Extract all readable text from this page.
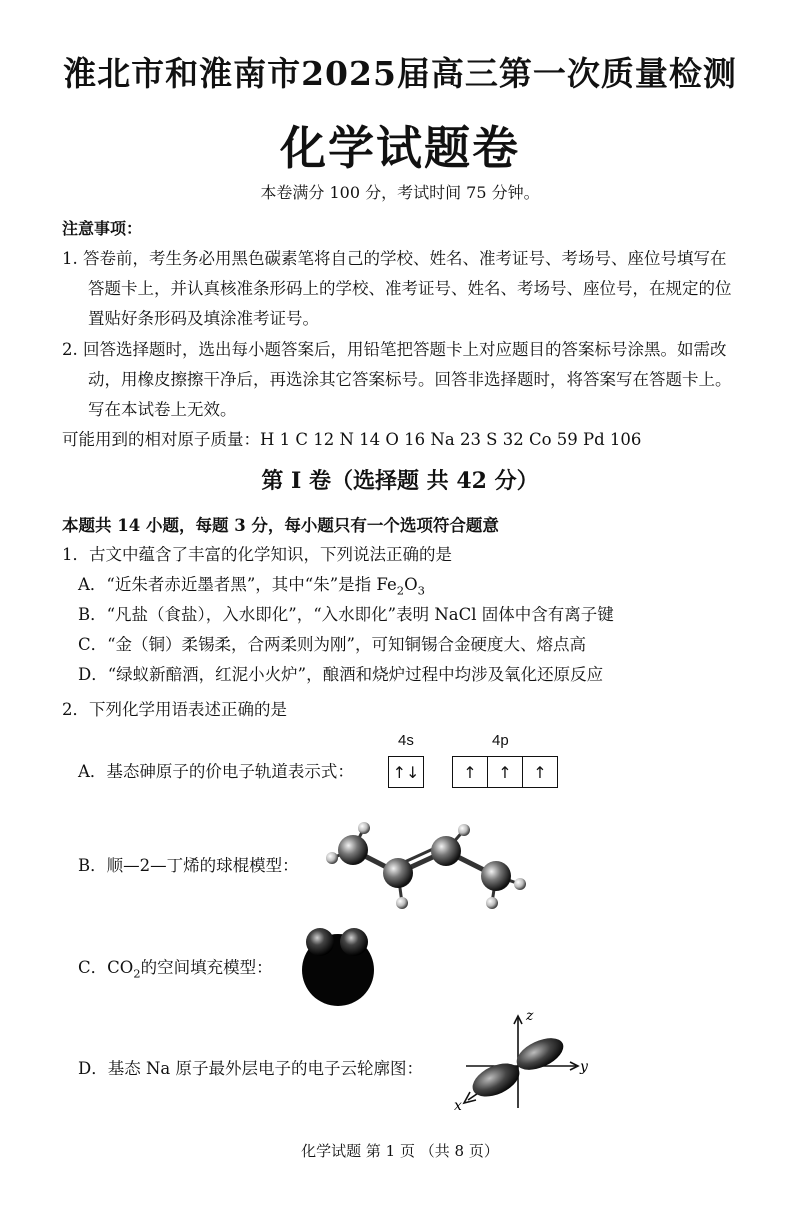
淮北市和淮南市2025届高三第一次质量检测
化学试题卷
本卷满分 100 分，考试时间 75 分钟。
注意事项：
1. 答卷前，考生务必用黑色碳素笔将自己的学校、姓名、准考证号、考场号、座位号填写在
答题卡上，并认真核准条形码上的学校、准考证号、姓名、考场号、座位号，在规定的位
置贴好条形码及填涂准考证号。
2. 回答选择题时，选出每小题答案后，用铅笔把答题卡上对应题目的答案标号涂黑。如需改
动，用橡皮擦擦干净后，再选涂其它答案标号。回答非选择题时，将答案写在答题卡上。
写在本试卷上无效。
可能用到的相对原子质量：H 1 C 12 N 14 O 16 Na 23 S 32 Co 59 Pd 106
第 I 卷（选择题 共 42 分）
本题共 14 小题，每题 3 分，每小题只有一个选项符合题意
1．古文中蕴含了丰富的化学知识，下列说法正确的是
A．“近朱者赤近墨者黑”，其中“朱”是指 $Fe_2O_3$
B．“凡盐（食盐），入水即化”，“入水即化”表明 NaCl 固体中含有离子键
C．“金（铜）柔锡柔，合两柔则为刚”，可知铜锡合金硬度大、熔点高
D．“绿蚁新醅酒，红泥小火炉”，酿酒和烧炉过程中均涉及氧化还原反应
2．下列化学用语表述正确的是
A．基态砷原子的价电子轨道表示式：
4s	4p
↑↓	↑	↑	↑
B．顺—2—丁烯的球棍模型：
C．$CO_2$的空间填充模型：
D．基态 Na 原子最外层电子的电子云轮廓图：
z
y
x
化学试题 第 1 页 （共 8 页）
